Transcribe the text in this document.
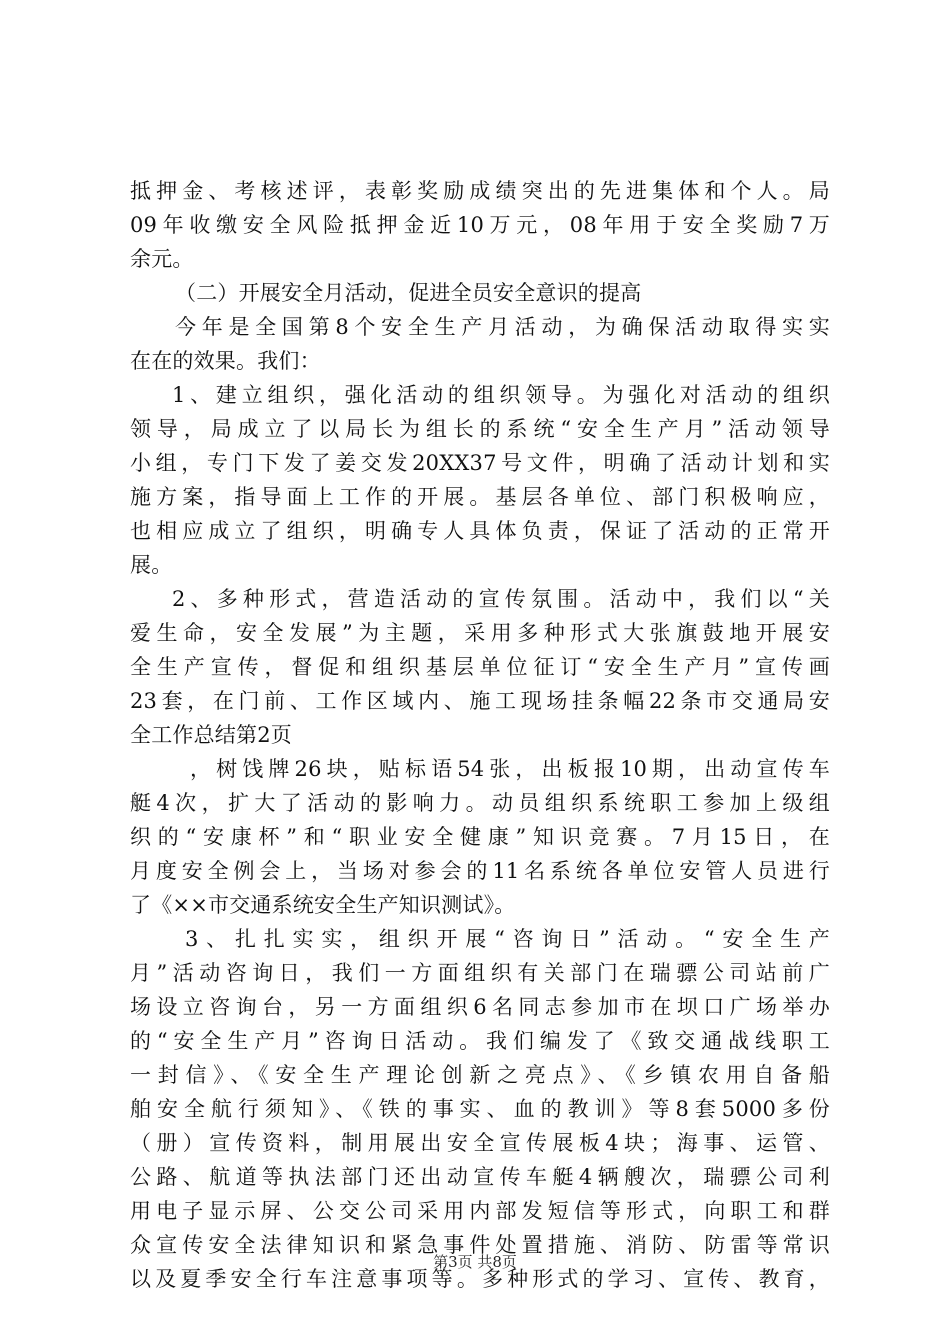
抵押金、考核述评，表彰奖励成绩突出的先进集体和个人。局
09年收缴安全风险抵押金近10万元，08年用于安全奖励7万
余元。
（二）开展安全月活动，促进全员安全意识的提高
今年是全国第8个安全生产月活动，为确保活动取得实实
在在的效果。我们：
1、建立组织，强化活动的组织领导。为强化对活动的组织
领导，局成立了以局长为组长的系统“安全生产月”活动领导
小组，专门下发了姜交发20XX37号文件，明确了活动计划和实
施方案，指导面上工作的开展。基层各单位、部门积极响应，
也相应成立了组织，明确专人具体负责，保证了活动的正常开
展。
2、多种形式，营造活动的宣传氛围。活动中，我们以“关
爱生命，安全发展”为主题，采用多种形式大张旗鼓地开展安
全生产宣传，督促和组织基层单位征订“安全生产月”宣传画
23套，在门前、工作区域内、施工现场挂条幅22条市交通局安
全工作总结第2页
，树饯牌26块，贴标语54张，出板报10期，出动宣传车
艇4次，扩大了活动的影响力。动员组织系统职工参加上级组
织的“安康杯”和“职业安全健康”知识竞赛。7月15日，在
月度安全例会上，当场对参会的11名系统各单位安管人员进行
了《××市交通系统安全生产知识测试》。
3、扎扎实实，组织开展“咨询日”活动。“安全生产
月”活动咨询日，我们一方面组织有关部门在瑞骠公司站前广
场设立咨询台，另一方面组织6名同志参加市在坝口广场举办
的“安全生产月”咨询日活动。我们编发了《致交通战线职工
一封信》、《安全生产理论创新之亮点》、《乡镇农用自备船
舶安全航行须知》、《铁的事实、血的教训》等8套5000多份
（册）宣传资料，制用展出安全宣传展板4块；海事、运管、
公路、航道等执法部门还出动宣传车艇4辆艘次，瑞骠公司利
用电子显示屏、公交公司采用内部发短信等形式，向职工和群
众宣传安全法律知识和紧急事件处置措施、消防、防雷等常识
以及夏季安全行车注意事项等。多种形式的学习、宣传、教育，
第3页 共8页
